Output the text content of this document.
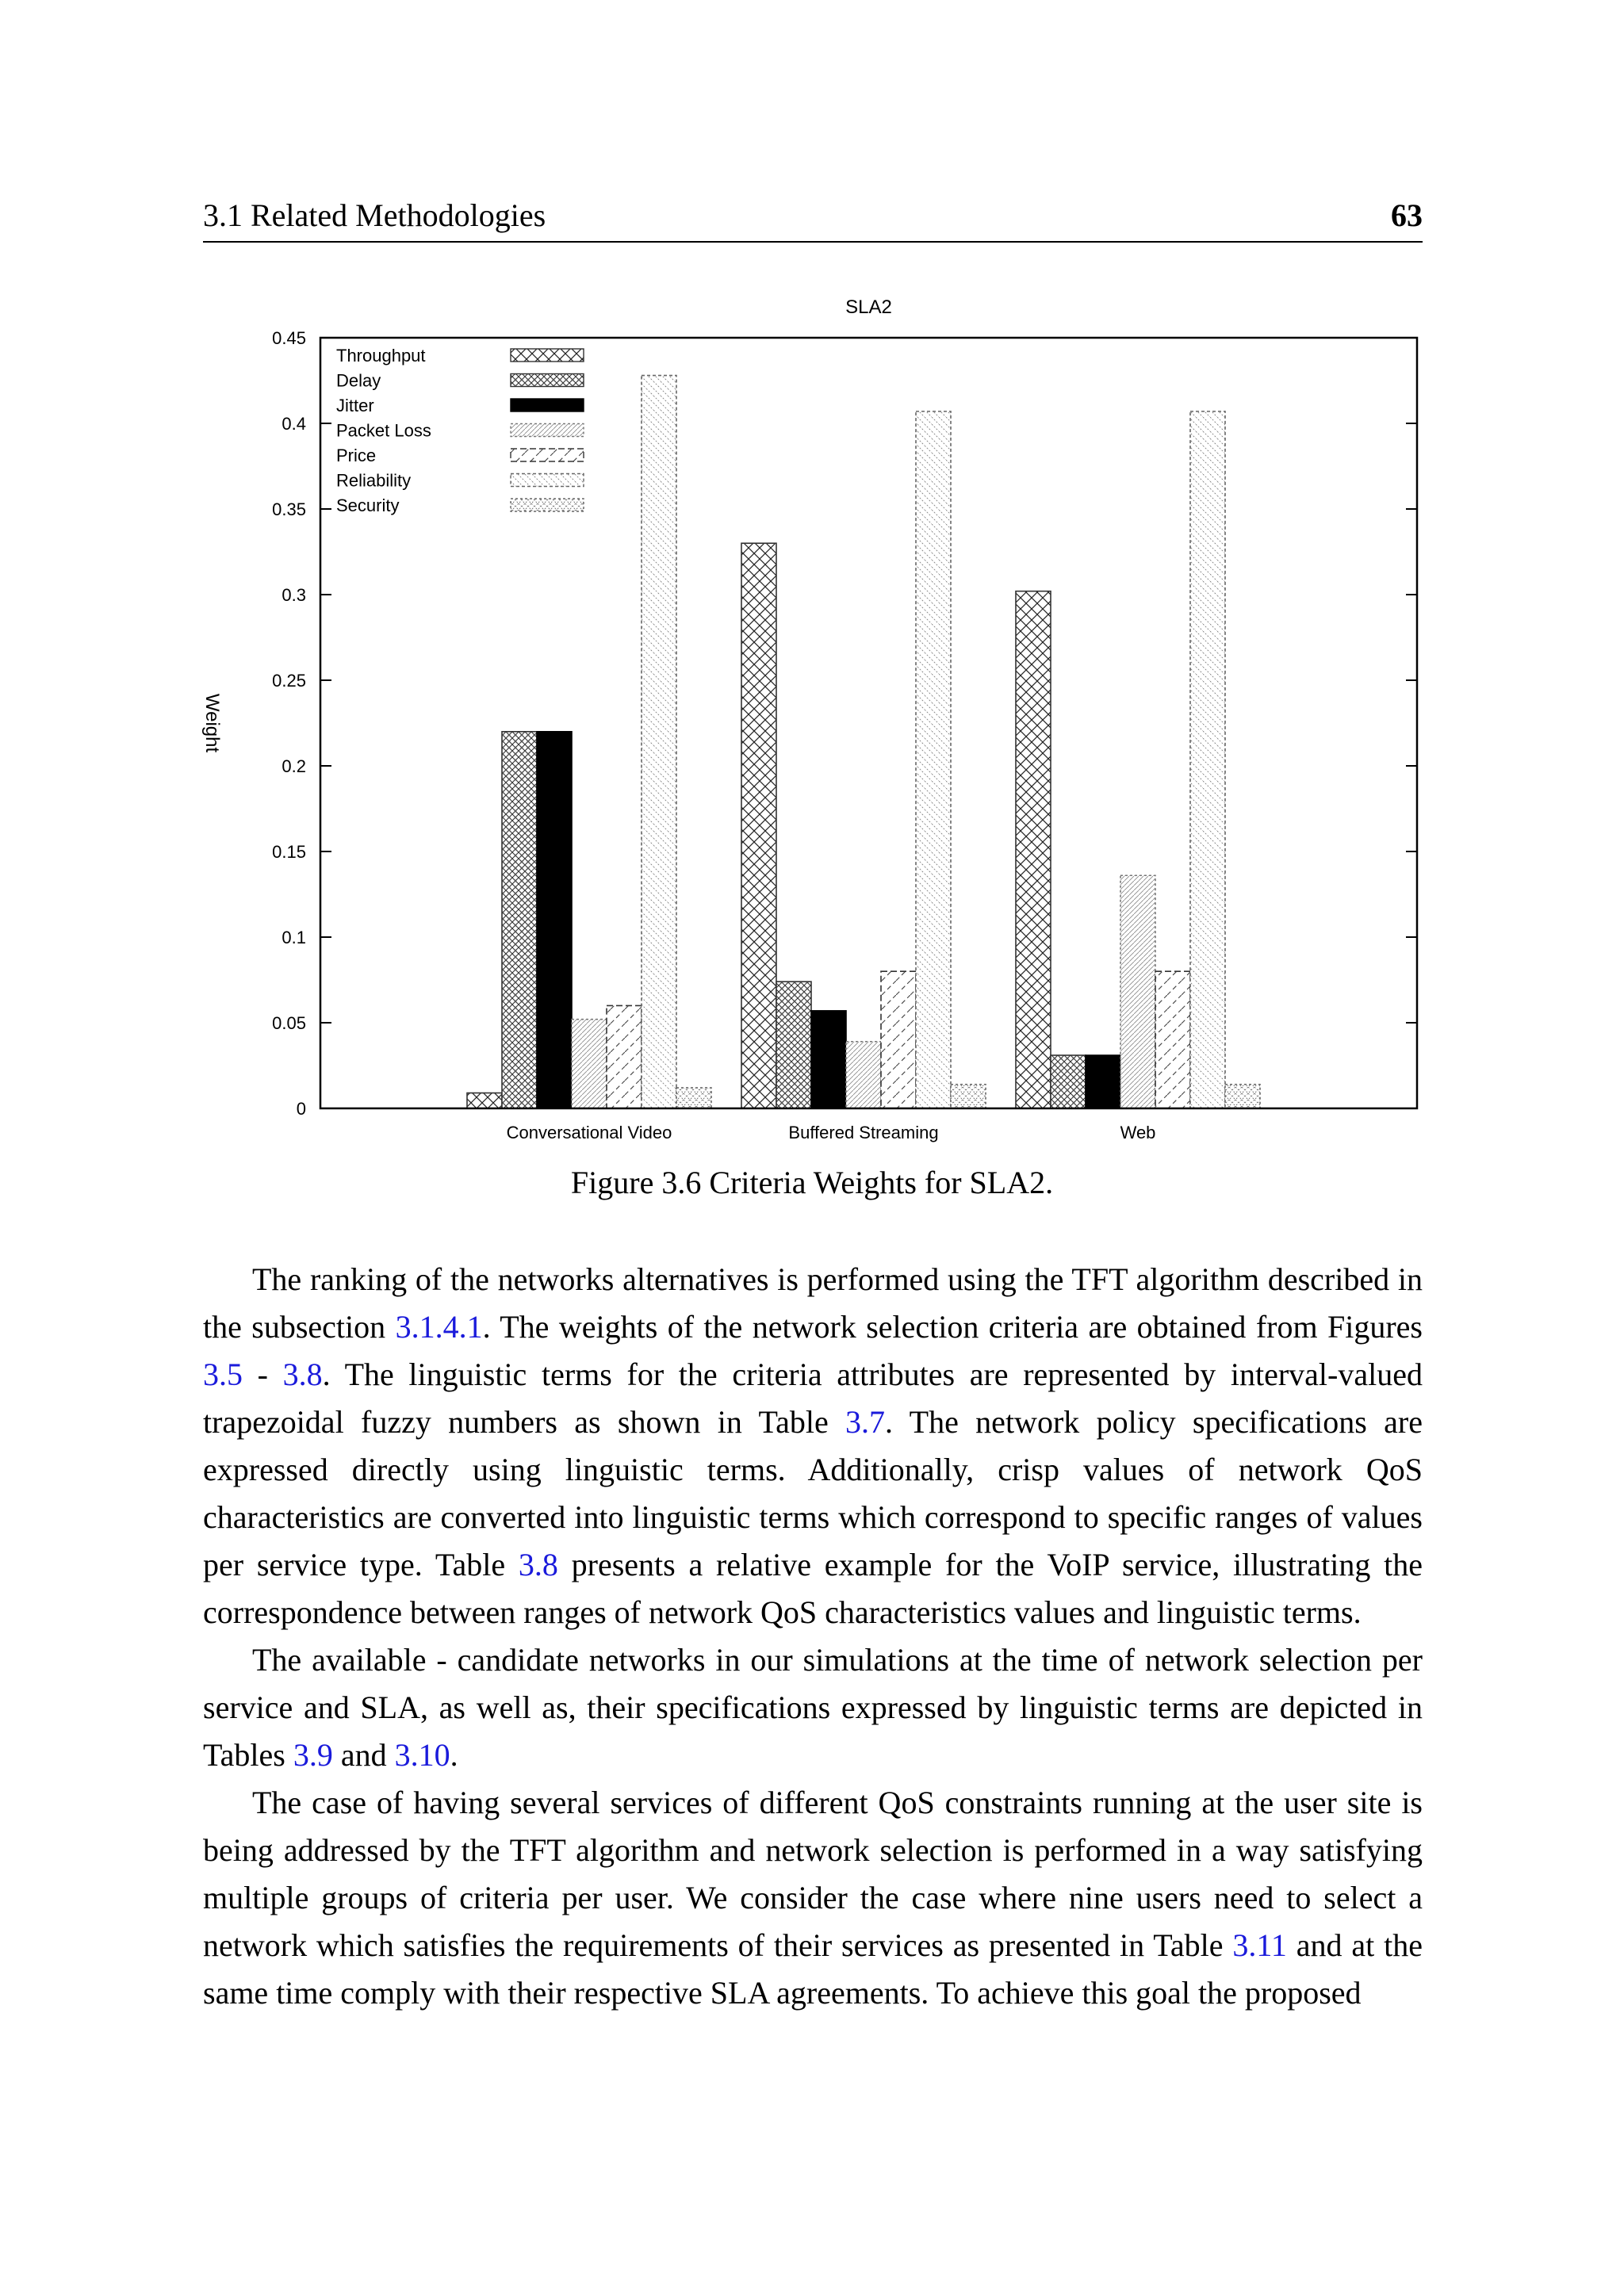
3.1 Related Methodologies	63
SLA2
Weight
0
0.05
0.1
0.15
0.2
0.25
0.3
0.35
0.4
0.45
Conversational Video	Buffered Streaming	Web
Throughput
Delay
Jitter
Packet Loss
Price
Reliability
Security
Figure 3.6 Criteria Weights for SLA2.

The ranking of the networks alternatives is performed using the TFT algorithm described in the subsection 3.1.4.1. The weights of the network selection criteria are obtained from Figures 3.5 - 3.8. The linguistic terms for the criteria attributes are represented by interval-valued trapezoidal fuzzy numbers as shown in Table 3.7. The network policy specifications are expressed directly using linguistic terms. Additionally, crisp values of network QoS characteristics are converted into linguistic terms which correspond to specific ranges of values per service type. Table 3.8 presents a relative example for the VoIP service, illustrating the correspondence between ranges of network QoS characteristics values and linguistic terms.

The available - candidate networks in our simulations at the time of network selection per service and SLA, as well as, their specifications expressed by linguistic terms are depicted in Tables 3.9 and 3.10.

The case of having several services of different QoS constraints running at the user site is being addressed by the TFT algorithm and network selection is performed in a way satisfying multiple groups of criteria per user. We consider the case where nine users need to select a network which satisfies the requirements of their services as presented in Table 3.11 and at the same time comply with their respective SLA agreements. To achieve this goal the proposed
